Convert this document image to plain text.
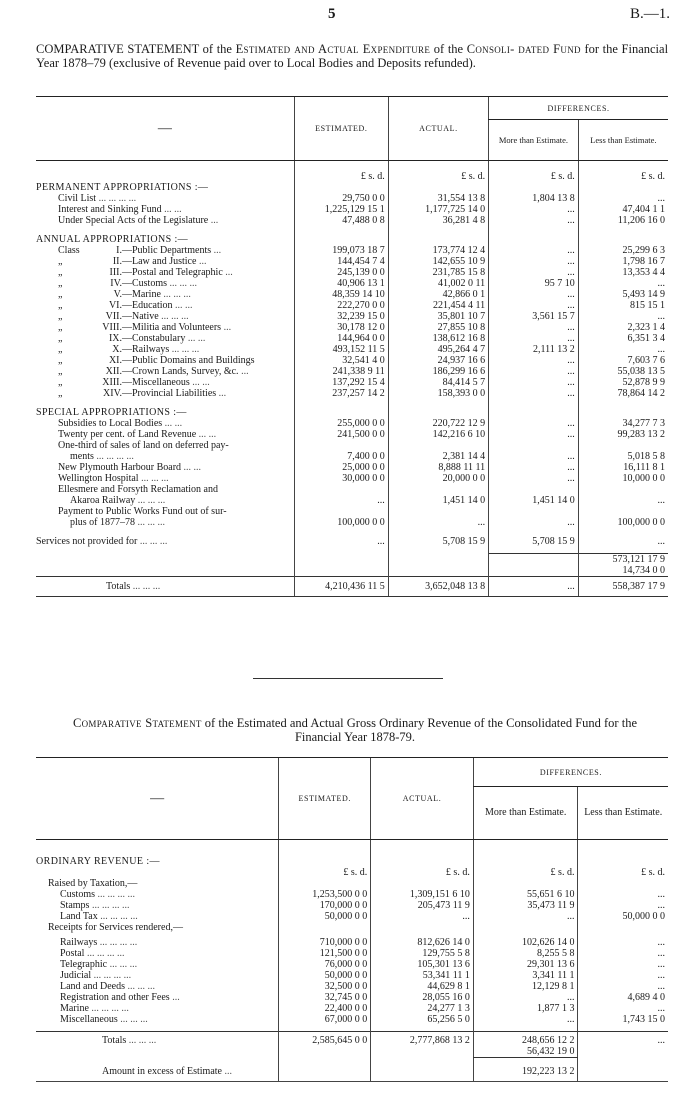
5	B.—1.
COMPARATIVE STATEMENT of the Estimated and Actual Expenditure of the Consoli- dated Fund for the Financial Year 1878–79 (exclusive of Revenue paid over to Local Bodies and Deposits refunded).
—	ESTIMATED.	ACTUAL.	DIFFERENCES.	
			More than Estimate.	Less than Estimate.

	£ s. d.	£ s. d.	£ s. d.	£ s. d.
PERMANENT APPROPRIATIONS :—				
Civil List ... ... ... ...	29,750 0 0	31,554 13 8	1,804 13 8	...
Interest and Sinking Fund ... ...	1,225,129 15 1	1,177,725 14 0	...	47,404 1 1
Under Special Acts of the Legislature ...	47,488 0 8	36,281 4 8	...	11,206 16 0

ANNUAL APPROPRIATIONS :—				
Class I.—Public Departments ...	199,073 18 7	173,774 12 4	...	25,299 6 3
„ II.—Law and Justice ...	144,454 7 4	142,655 10 9	...	1,798 16 7
„ III.—Postal and Telegraphic ...	245,139 0 0	231,785 15 8	...	13,353 4 4
„ IV.—Customs ... ... ...	40,906 13 1	41,002 0 11	95 7 10	...
„ V.—Marine ... ... ...	48,359 14 10	42,866 0 1	...	5,493 14 9
„ VI.—Education ... ...	222,270 0 0	221,454 4 11	...	815 15 1
„ VII.—Native ... ... ...	32,239 15 0	35,801 10 7	3,561 15 7	...
„ VIII.—Militia and Volunteers ...	30,178 12 0	27,855 10 8	...	2,323 1 4
„ IX.—Constabulary ... ...	144,964 0 0	138,612 16 8	...	6,351 3 4
„ X.—Railways ... ... ...	493,152 11 5	495,264 4 7	2,111 13 2	...
„ XI.—Public Domains and Buildings	32,541 4 0	24,937 16 6	...	7,603 7 6
„ XII.—Crown Lands, Survey, &c. ...	241,338 9 11	186,299 16 6	...	55,038 13 5
„ XIII.—Miscellaneous ... ...	137,292 15 4	84,414 5 7	...	52,878 9 9
„ XIV.—Provincial Liabilities ...	237,257 14 2	158,393 0 0	...	78,864 14 2

SPECIAL APPROPRIATIONS :—				
Subsidies to Local Bodies ... ...	255,000 0 0	220,722 12 9	...	34,277 7 3
Twenty per cent. of Land Revenue ... ...	241,500 0 0	142,216 6 10	...	99,283 13 2
One-third of sales of land on deferred pay-				
ments ... ... ... ...	7,400 0 0	2,381 14 4	...	5,018 5 8
New Plymouth Harbour Board ... ...	25,000 0 0	8,888 11 11	...	16,111 8 1
Wellington Hospital ... ... ...	30,000 0 0	20,000 0 0	...	10,000 0 0
Ellesmere and Forsyth Reclamation and				
Akaroa Railway ... ... ...	...	1,451 14 0	1,451 14 0	...
Payment to Public Works Fund out of sur-				
plus of 1877–78 ... ... ...	100,000 0 0	...	...	100,000 0 0

Services not provided for ... ... ...	...	5,708 15 9	5,708 15 9	...

				573,121 17 9
				14,734 0 0
Totals ... ... ...	4,210,436 11 5	3,652,048 13 8	...	558,387 17 9
Comparative Statement of the Estimated and Actual Gross Ordinary Revenue of the Consolidated Fund for the Financial Year 1878-79.
—	ESTIMATED.	ACTUAL.	DIFFERENCES.	
			More than Estimate.	Less than Estimate.

ORDINARY REVENUE :—				
	£ s. d.	£ s. d.	£ s. d.	£ s. d.
Raised by Taxation,—				
Customs ... ... ... ...	1,253,500 0 0	1,309,151 6 10	55,651 6 10	...
Stamps ... ... ... ...	170,000 0 0	205,473 11 9	35,473 11 9	...
Land Tax ... ... ... ...	50,000 0 0	...	...	50,000 0 0
Receipts for Services rendered,—				

Railways ... ... ... ...	710,000 0 0	812,626 14 0	102,626 14 0	...
Postal ... ... ... ...	121,500 0 0	129,755 5 8	8,255 5 8	...
Telegraphic ... ... ...	76,000 0 0	105,301 13 6	29,301 13 6	...
Judicial ... ... ... ...	50,000 0 0	53,341 11 1	3,341 11 1	...
Land and Deeds ... ... ...	32,500 0 0	44,629 8 1	12,129 8 1	...
Registration and other Fees ...	32,745 0 0	28,055 16 0	...	4,689 4 0
Marine ... ... ... ...	22,400 0 0	24,277 1 3	1,877 1 3	...
Miscellaneous ... ... ...	67,000 0 0	65,256 5 0	...	1,743 15 0

Totals ... ... ...	2,585,645 0 0	2,777,868 13 2	248,656 12 2	...
			56,432 19 0	

Amount in excess of Estimate ...			192,223 13 2	
